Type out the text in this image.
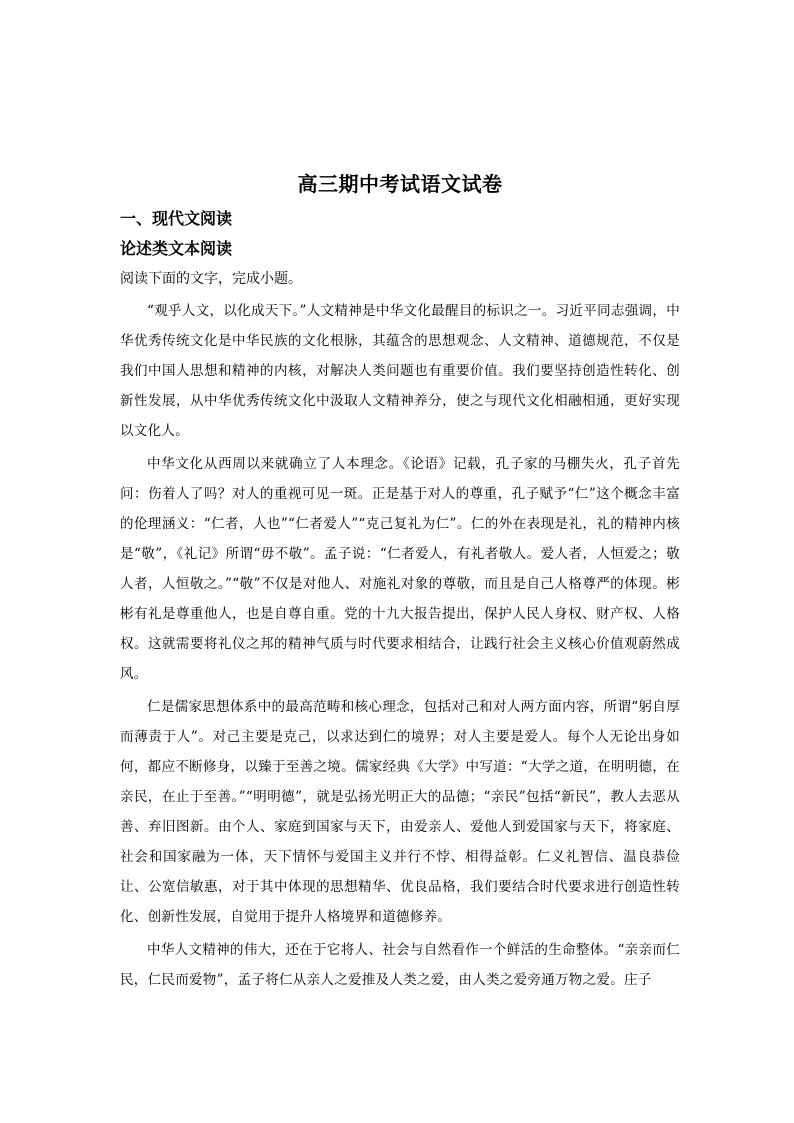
高三期中考试语文试卷
一、现代文阅读
论述类文本阅读
阅读下面的文字，完成小题。

“观乎人文，以化成天下。”人文精神是中华文化最醒目的标识之一。习近平同志强调，中华优秀传统文化是中华民族的文化根脉，其蕴含的思想观念、人文精神、道德规范，不仅是我们中国人思想和精神的内核，对解决人类问题也有重要价值。我们要坚持创造性转化、创新性发展，从中华优秀传统文化中汲取人文精神养分，使之与现代文化相融相通，更好实现以文化人。

中华文化从西周以来就确立了人本理念。《论语》记载，孔子家的马棚失火，孔子首先问：伤着人了吗？对人的重视可见一斑。正是基于对人的尊重，孔子赋予“仁”这个概念丰富的伦理涵义：“仁者，人也”“仁者爱人”“克己复礼为仁”。仁的外在表现是礼，礼的精神内核是“敬”，《礼记》所谓“毋不敬”。孟子说：“仁者爱人，有礼者敬人。爱人者，人恒爱之；敬人者，人恒敬之。”“敬”不仅是对他人、对施礼对象的尊敬，而且是自己人格尊严的体现。彬彬有礼是尊重他人，也是自尊自重。党的十九大报告提出，保护人民人身权、财产权、人格权。这就需要将礼仪之邦的精神气质与时代要求相结合，让践行社会主义核心价值观蔚然成风。

仁是儒家思想体系中的最高范畴和核心理念，包括对己和对人两方面内容，所谓“躬自厚而薄责于人”。对己主要是克己，以求达到仁的境界；对人主要是爱人。每个人无论出身如何，都应不断修身，以臻于至善之境。儒家经典《大学》中写道：“大学之道，在明明德，在亲民，在止于至善。”“明明德”，就是弘扬光明正大的品德；“亲民”包括“新民”，教人去恶从善、弃旧图新。由个人、家庭到国家与天下，由爱亲人、爱他人到爱国家与天下，将家庭、社会和国家融为一体，天下情怀与爱国主义并行不悖、相得益彰。仁义礼智信、温良恭俭让、公宽信敏惠，对于其中体现的思想精华、优良品格，我们要结合时代要求进行创造性转化、创新性发展，自觉用于提升人格境界和道德修养。

中华人文精神的伟大，还在于它将人、社会与自然看作一个鲜活的生命整体。“亲亲而仁民，仁民而爱物”，孟子将仁从亲人之爱推及人类之爱，由人类之爱旁通万物之爱。庄子
